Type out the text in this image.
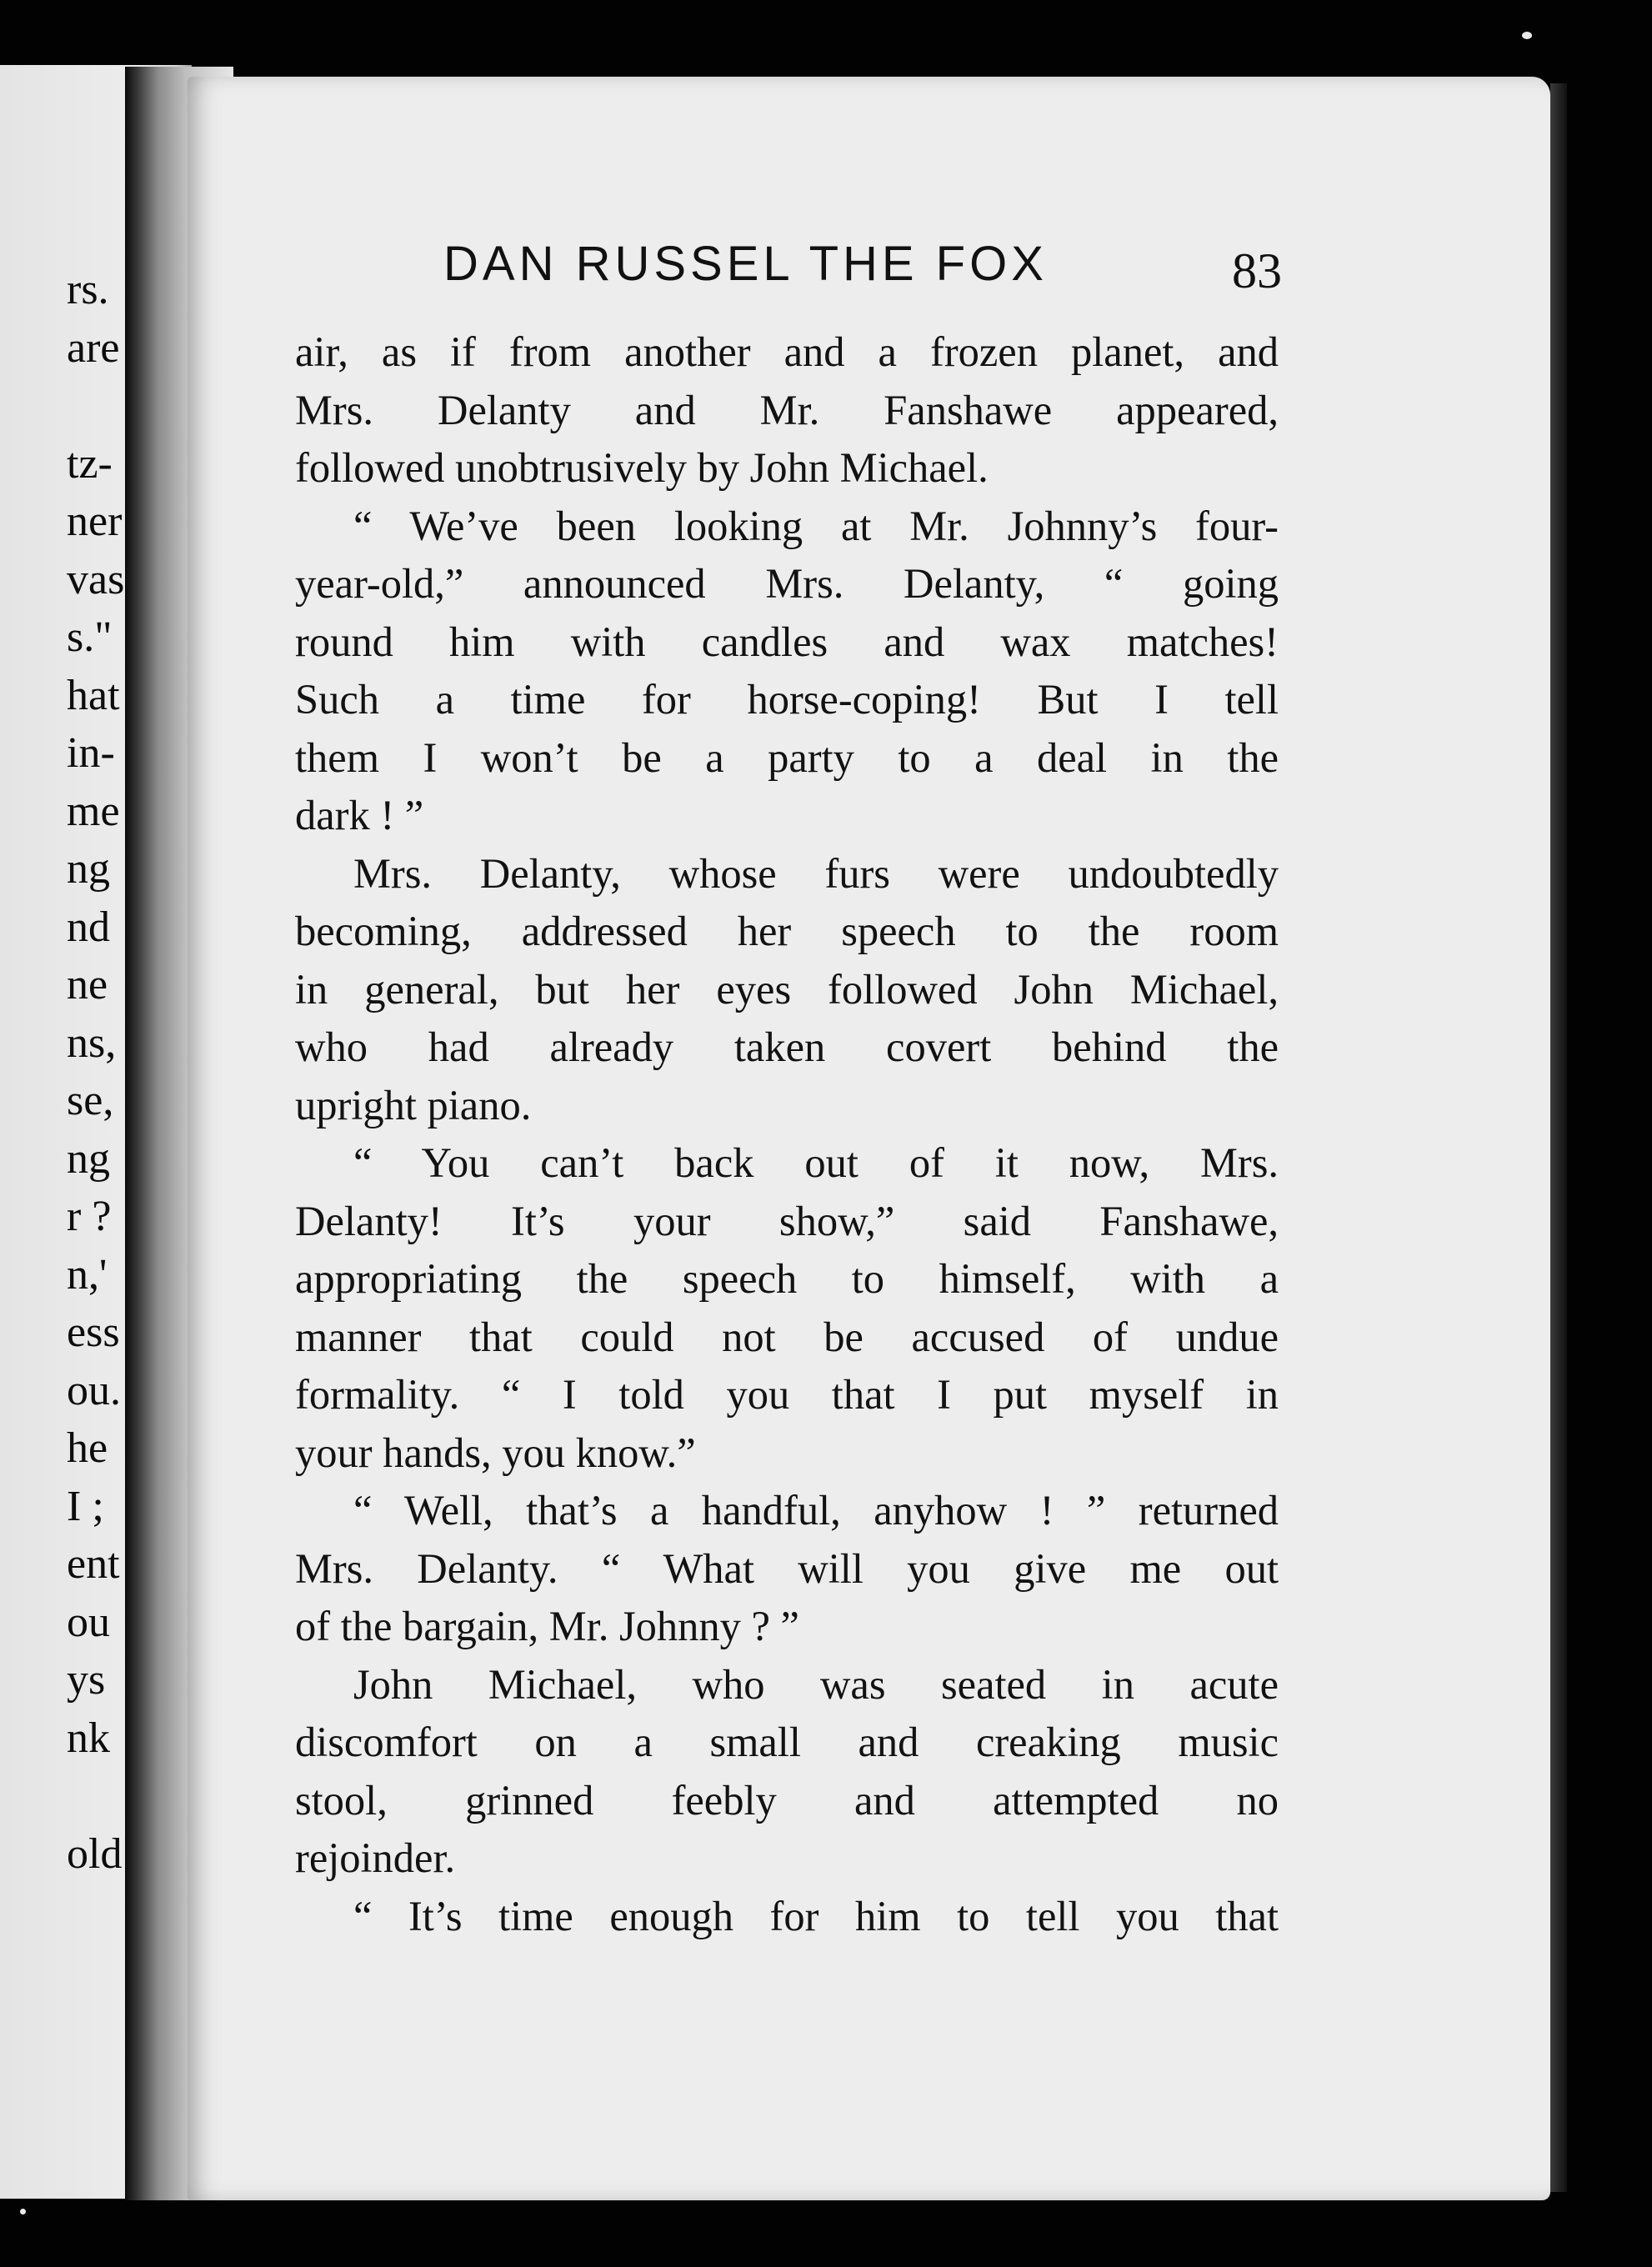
rs.
are
tz-
ner
vas
s."
hat
in-
me
ng
nd
ne
ns,
se,
ng
r ?
n,'
ess
ou.
he
I ;
ent
ou
ys
nk
old
DAN RUSSEL THE FOX	83
air, as if from another and a frozen planet, and
Mrs. Delanty and Mr. Fanshawe appeared,
followed unobtrusively by John Michael.
“ We’ve been looking at Mr. Johnny’s four-
year-old,” announced Mrs. Delanty, “ going
round him with candles and wax matches!
Such a time for horse-coping! But I tell
them I won’t be a party to a deal in the
dark ! ”
Mrs. Delanty, whose furs were undoubtedly
becoming, addressed her speech to the room
in general, but her eyes followed John Michael,
who had already taken covert behind the
upright piano.
“ You can’t back out of it now, Mrs.
Delanty! It’s your show,” said Fanshawe,
appropriating the speech to himself, with a
manner that could not be accused of undue
formality. “ I told you that I put myself in
your hands, you know.”
“ Well, that’s a handful, anyhow ! ” returned
Mrs. Delanty. “ What will you give me out
of the bargain, Mr. Johnny ? ”
John Michael, who was seated in acute
discomfort on a small and creaking music
stool, grinned feebly and attempted no
rejoinder.
“ It’s time enough for him to tell you that
